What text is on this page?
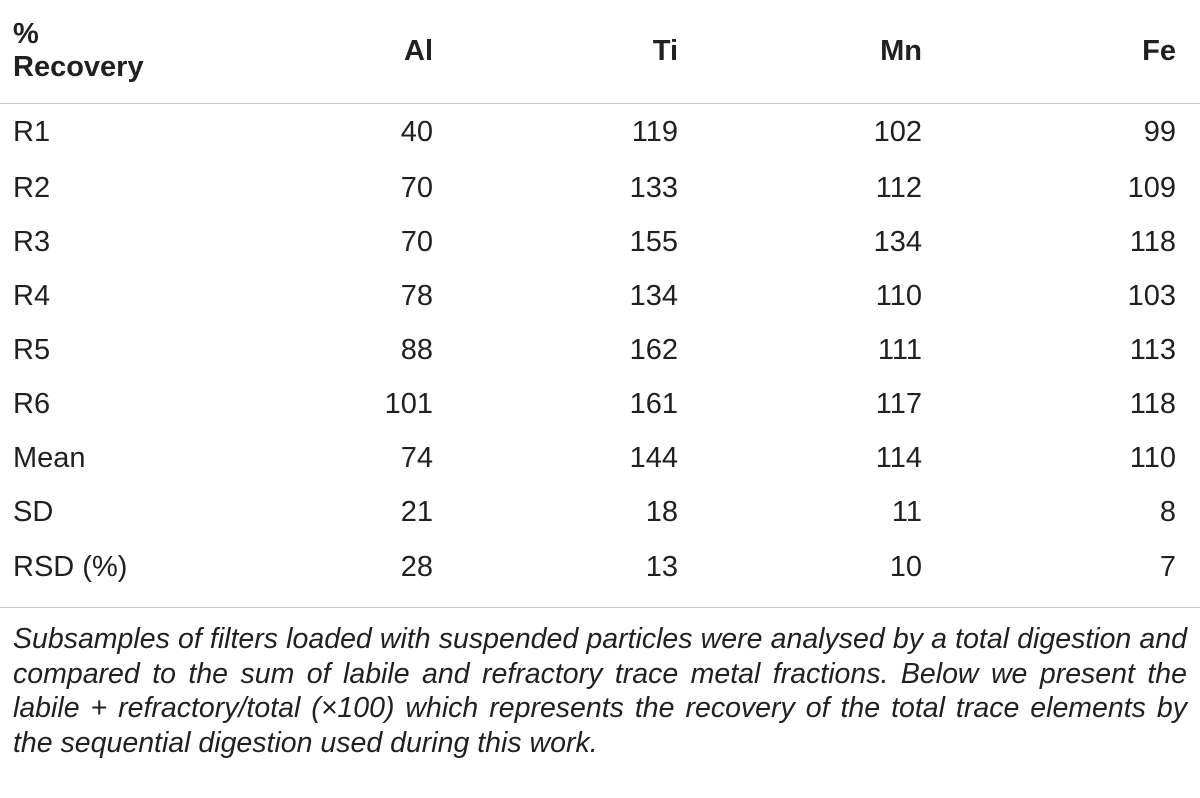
% Recovery	Al	Ti	Mn	Fe
R1	40	119	102	99
R2	70	133	112	109
R3	70	155	134	118
R4	78	134	110	103
R5	88	162	111	113
R6	101	161	117	118
Mean	74	144	114	110
SD	21	18	11	8
RSD (%)	28	13	10	7
Subsamples of filters loaded with suspended particles were analysed by a total digestion and compared to the sum of labile and refractory trace metal fractions. Below we present the labile + refractory/total (×100) which represents the recovery of the total trace elements by the sequential digestion used during this work.
